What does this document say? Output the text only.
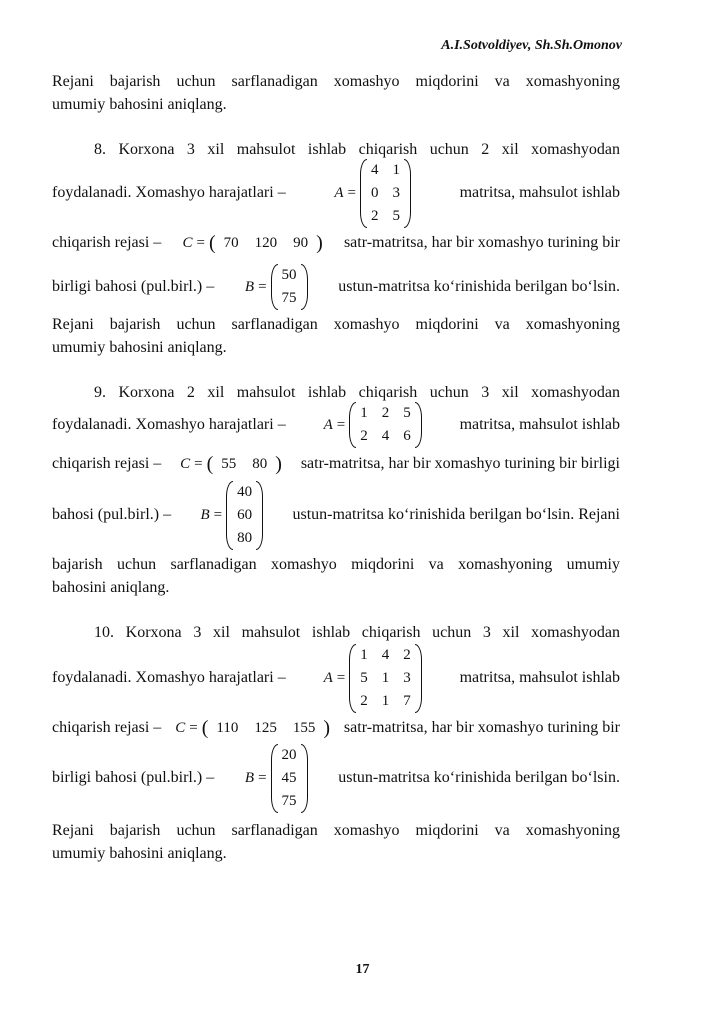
A.I.Sotvoldiyev, Sh.Sh.Omonov
Rejani bajarish uchun sarflanadigan xomashyo miqdorini va xomashyoning
umumiy bahosini aniqlang.
8. Korxona 3 xil mahsulot ishlab chiqarish uchun 2 xil xomashyodan
foydalanadi. Xomashyo harajatlari –	A =
4 1
0 3
2 5
matritsa, mahsulot ishlab
chiqarish rejasi – C = ( 70 120 90 ) satr-matritsa, har bir xomashyo turining bir
birligi bahosi (pul.birl.) – B =
50
75
ustun-matritsa ko‘rinishida berilgan bo‘lsin.
Rejani bajarish uchun sarflanadigan xomashyo miqdorini va xomashyoning
umumiy bahosini aniqlang.
9. Korxona 2 xil mahsulot ishlab chiqarish uchun 3 xil xomashyodan
foydalanadi. Xomashyo harajatlari –	A =
1 2 5
2 4 6
matritsa, mahsulot ishlab
chiqarish rejasi – C = ( 55 80 ) satr-matritsa, har bir xomashyo turining bir birligi
bahosi (pul.birl.) – B =
40
60
80
ustun-matritsa ko‘rinishida berilgan bo‘lsin. Rejani
bajarish uchun sarflanadigan xomashyo miqdorini va xomashyoning umumiy
bahosini aniqlang.
10. Korxona 3 xil mahsulot ishlab chiqarish uchun 3 xil xomashyodan
foydalanadi. Xomashyo harajatlari –	A =
1 4 2
5 1 3
2 1 7
matritsa, mahsulot ishlab
chiqarish rejasi – C = ( 110 125 155 ) satr-matritsa, har bir xomashyo turining bir
birligi bahosi (pul.birl.) – B =
20
45
75
ustun-matritsa ko‘rinishida berilgan bo‘lsin.
Rejani bajarish uchun sarflanadigan xomashyo miqdorini va xomashyoning
umumiy bahosini aniqlang.
17
